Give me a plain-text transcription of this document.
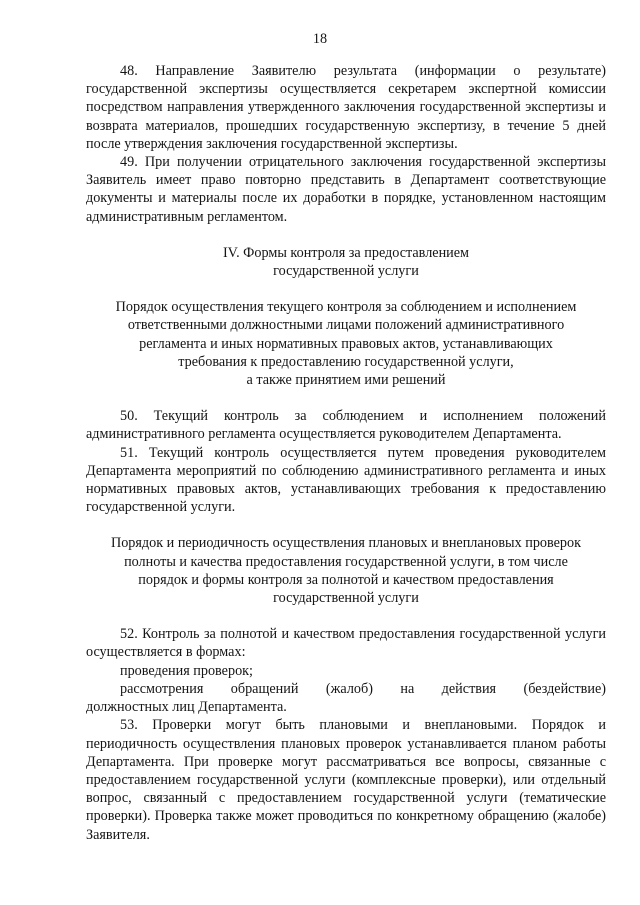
18

48. Направление Заявителю результата (информации о результате) государственной экспертизы осуществляется секретарем экспертной комиссии посредством направления утвержденного заключения государственной экспертизы и возврата материалов, прошедших государственную экспертизу, в течение 5 дней после утверждения заключения государственной экспертизы.

49. При получении отрицательного заключения государственной экспертизы Заявитель имеет право повторно представить в Департамент соответствующие документы и материалы после их доработки в порядке, установленном настоящим административным регламентом.

IV. Формы контроля за предоставлением
государственной услуги

Порядок осуществления текущего контроля за соблюдением и исполнением
ответственными должностными лицами положений административного
регламента и иных нормативных правовых актов, устанавливающих
требования к предоставлению государственной услуги,
а также принятием ими решений

50. Текущий контроль за соблюдением и исполнением положений административного регламента осуществляется руководителем Департамента.

51. Текущий контроль осуществляется путем проведения руководителем Департамента мероприятий по соблюдению административного регламента и иных нормативных правовых актов, устанавливающих требования к предоставлению государственной услуги.

Порядок и периодичность осуществления плановых и внеплановых проверок
полноты и качества предоставления государственной услуги, в том числе
порядок и формы контроля за полнотой и качеством предоставления
государственной услуги

52. Контроль за полнотой и качеством предоставления государственной услуги осуществляется в формах:

проведения проверок;

рассмотрения обращений (жалоб) на действия (бездействие)

должностных лиц Департамента.

53. Проверки могут быть плановыми и внеплановыми. Порядок и периодичность осуществления плановых проверок устанавливается планом работы Департамента. При проверке могут рассматриваться все вопросы, связанные с предоставлением государственной услуги (комплексные проверки), или отдельный вопрос, связанный с предоставлением государственной услуги (тематические проверки). Проверка также может проводиться по конкретному обращению (жалобе) Заявителя.
